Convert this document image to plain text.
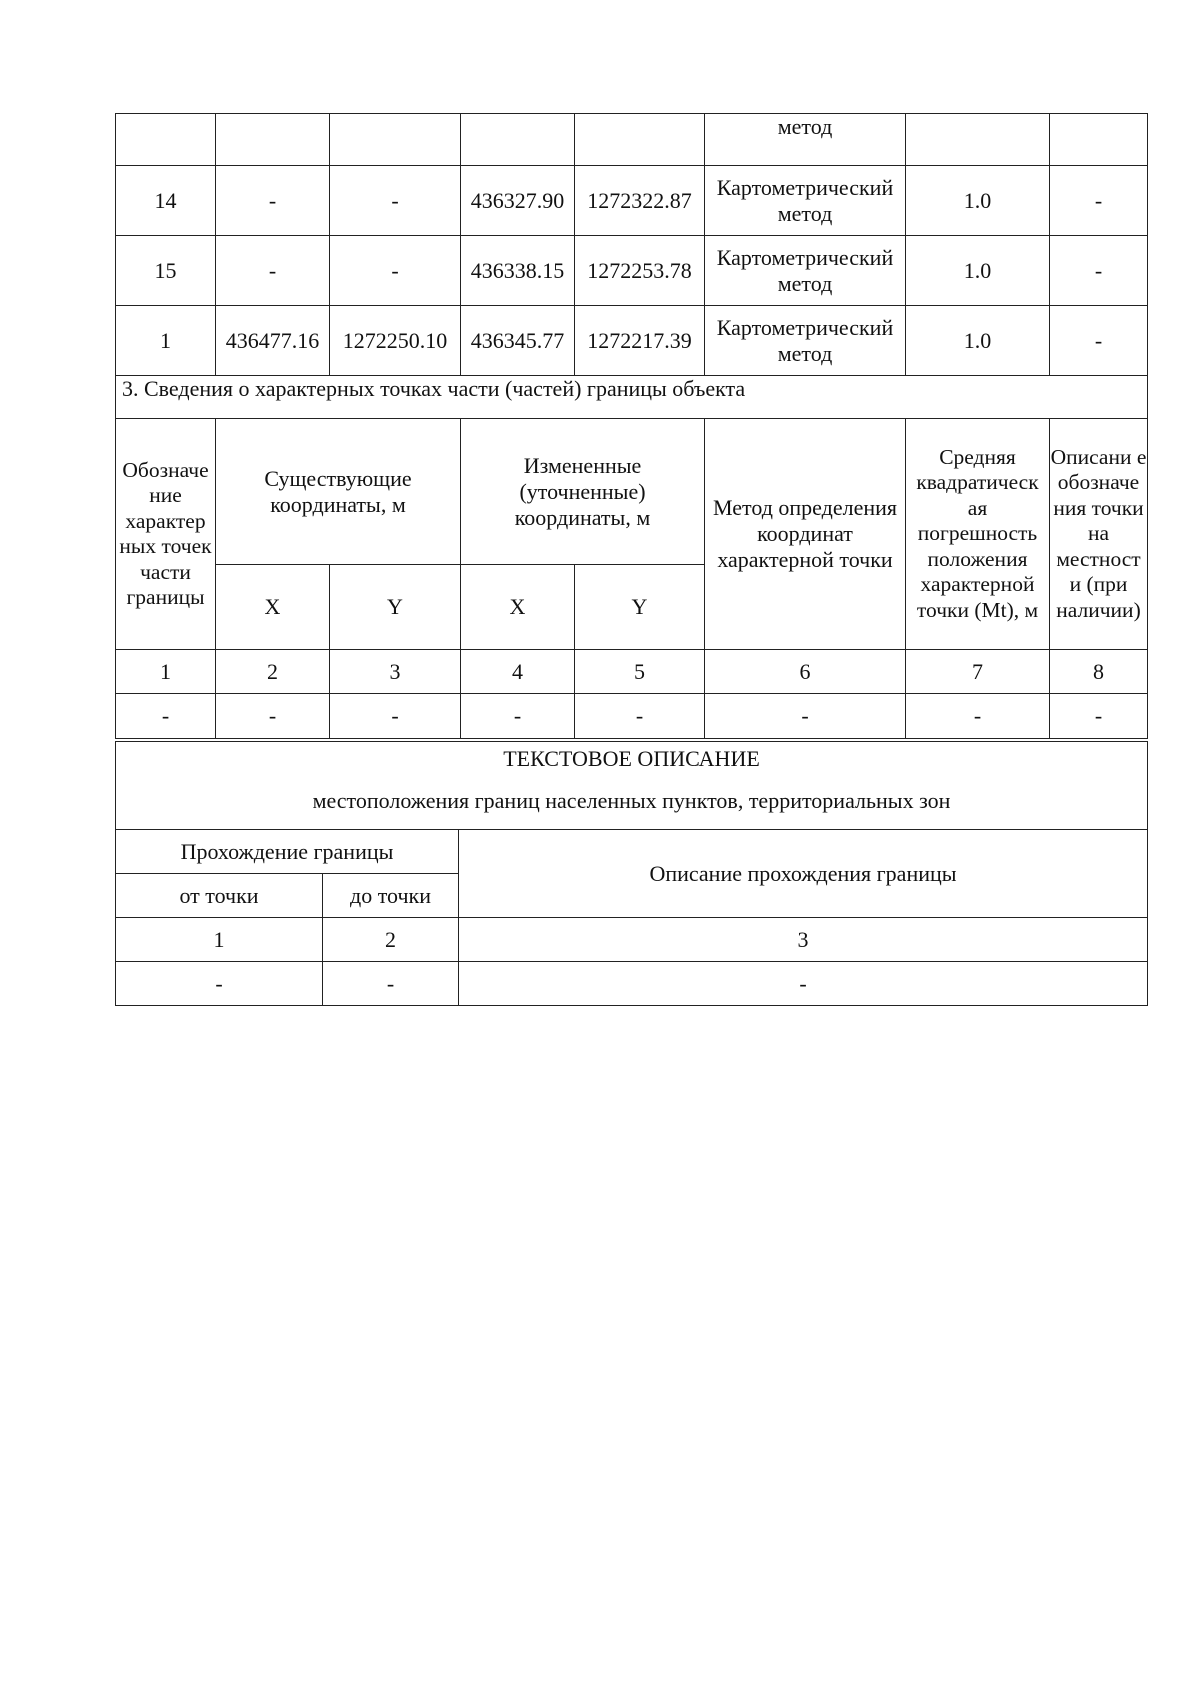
					метод		
14	-	-	436327.90	1272322.87	Картометрический метод	1.0	-
15	-	-	436338.15	1272253.78	Картометрический метод	1.0	-
1	436477.16	1272250.10	436345.77	1272217.39	Картометрический метод	1.0	-
3. Сведения о характерных точках части (частей) границы объекта							
Обозначе ние характер ных точек части границы	Существующие координаты, м		Измененные (уточненные) координаты, м		Метод определения координат характерной точки	Средняя квадратическ ая погрешность положения характерной точки (Mt), м	Описани е обозначе ния точки на местност и (при наличии)
	X	Y	X	Y			
1	2	3	4	5	6	7	8
-	-	-	-	-	-	-	-
ТЕКСТОВОЕ ОПИСАНИЕ
местоположения границ населенных пунктов, территориальных зон		

Прохождение границы		Описание прохождения границы
от точки	до точки	
1	2	3
-	-	-
